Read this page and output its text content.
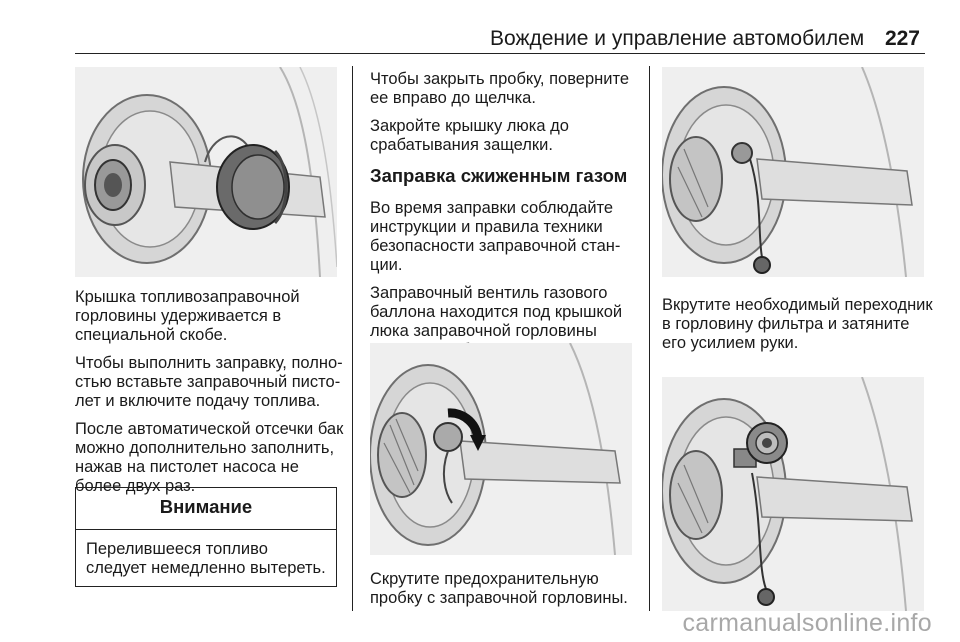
Вождение и управление автомобилем 227

Крышка топливозаправочной горловины удерживается в специальной скобе.

Чтобы выполнить заправку, полностью вставьте заправочный пистолет и включите подачу топлива.

После автоматической отсечки бак можно дополнительно заполнить, нажав на пистолет насоса не более двух раз.

Внимание
Перелившееся топливо следует немедленно вытереть.

Чтобы закрыть пробку, поверните ее вправо до щелчка.

Закройте крышку люка до срабатывания защелки.

Заправка сжиженным газом

Во время заправки соблюдайте инструкции и правила техники безопасности заправочной станции.

Заправочный вентиль газового баллона находится под крышкой люка заправочной горловины

Скрутите предохранительную пробку с заправочной горловины.

Вкрутите необходимый переходник в горловину фильтра и затяните его усилием руки.

carmanualsonline.info
